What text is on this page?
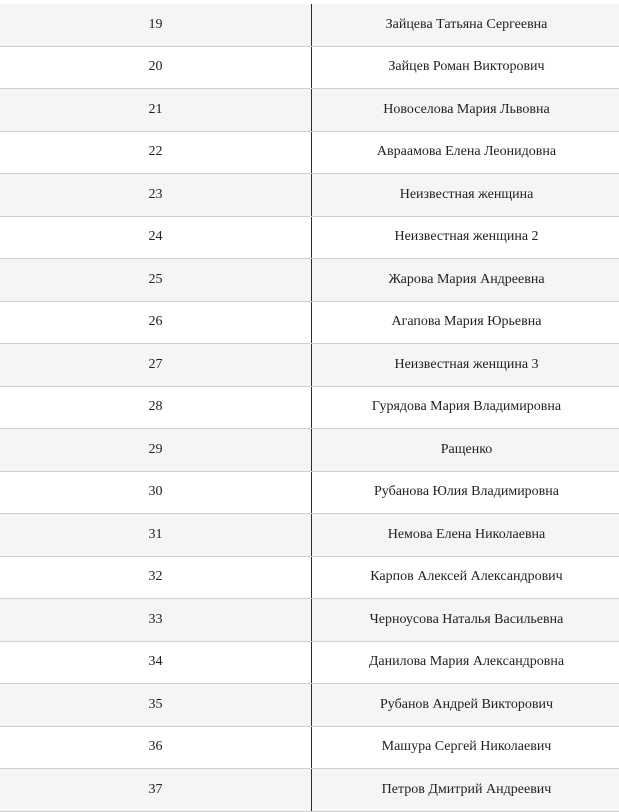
19	Зайцева Татьяна Сергеевна
20	Зайцев Роман Викторович
21	Новоселова Мария Львовна
22	Авраамова Елена Леонидовна
23	Неизвестная женщина
24	Неизвестная женщина 2
25	Жарова Мария Андреевна
26	Агапова Мария Юрьевна
27	Неизвестная женщина 3
28	Гурядова Мария Владимировна
29	Ращенко
30	Рубанова Юлия Владимировна
31	Немова Елена Николаевна
32	Карпов Алексей Александрович
33	Черноусова Наталья Васильевна
34	Данилова Мария Александровна
35	Рубанов Андрей Викторович
36	Машура Сергей Николаевич
37	Петров Дмитрий Андреевич
